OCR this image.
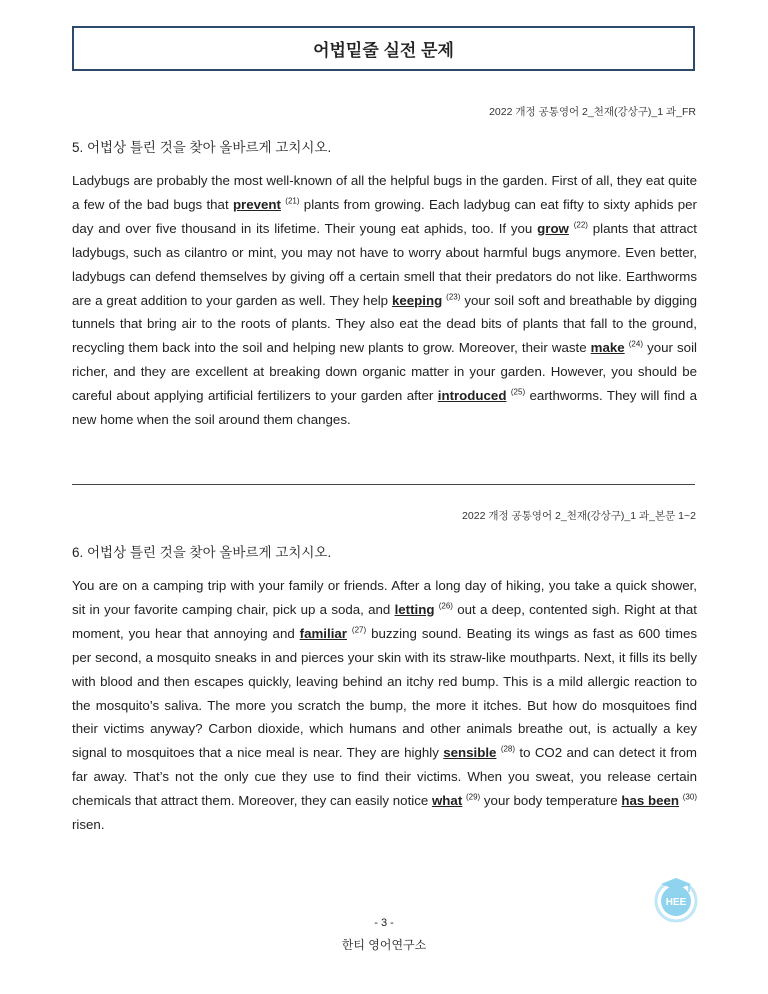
어법밑줄 실전 문제
2022 개정 공통영어 2_천재(강상구)_1 과_FR
5. 어법상 틀린 것을 찾아 올바르게 고치시오.
Ladybugs are probably the most well-known of all the helpful bugs in the garden. First of all, they eat quite a few of the bad bugs that prevent $^{(21)}$ plants from growing. Each ladybug can eat fifty to sixty aphids per day and over five thousand in its lifetime. Their young eat aphids, too. If you grow $^{(22)}$ plants that attract ladybugs, such as cilantro or mint, you may not have to worry about harmful bugs anymore. Even better, ladybugs can defend themselves by giving off a certain smell that their predators do not like. Earthworms are a great addition to your garden as well. They help keeping $^{(23)}$ your soil soft and breathable by digging tunnels that bring air to the roots of plants. They also eat the dead bits of plants that fall to the ground, recycling them back into the soil and helping new plants to grow. Moreover, their waste make $^{(24)}$ your soil richer, and they are excellent at breaking down organic matter in your garden. However, you should be careful about applying artificial fertilizers to your garden after introduced $^{(25)}$ earthworms. They will find a new home when the soil around them changes.
2022 개정 공통영어 2_천재(강상구)_1 과_본문 1~2
6. 어법상 틀린 것을 찾아 올바르게 고치시오.
You are on a camping trip with your family or friends. After a long day of hiking, you take a quick shower, sit in your favorite camping chair, pick up a soda, and letting $^{(26)}$ out a deep, contented sigh. Right at that moment, you hear that annoying and familiar $^{(27)}$ buzzing sound. Beating its wings as fast as 600 times per second, a mosquito sneaks in and pierces your skin with its straw-like mouthparts. Next, it fills its belly with blood and then escapes quickly, leaving behind an itchy red bump. This is a mild allergic reaction to the mosquito’s saliva. The more you scratch the bump, the more it itches. But how do mosquitoes find their victims anyway? Carbon dioxide, which humans and other animals breathe out, is actually a key signal to mosquitoes that a nice meal is near. They are highly sensible $^{(28)}$ to CO2 and can detect it from far away. That’s not the only cue they use to find their victims. When you sweat, you release certain chemicals that attract them. Moreover, they can easily notice what $^{(29)}$ your body temperature has been $^{(30)}$ risen.
- 3 -
한티 영어연구소
HEE
